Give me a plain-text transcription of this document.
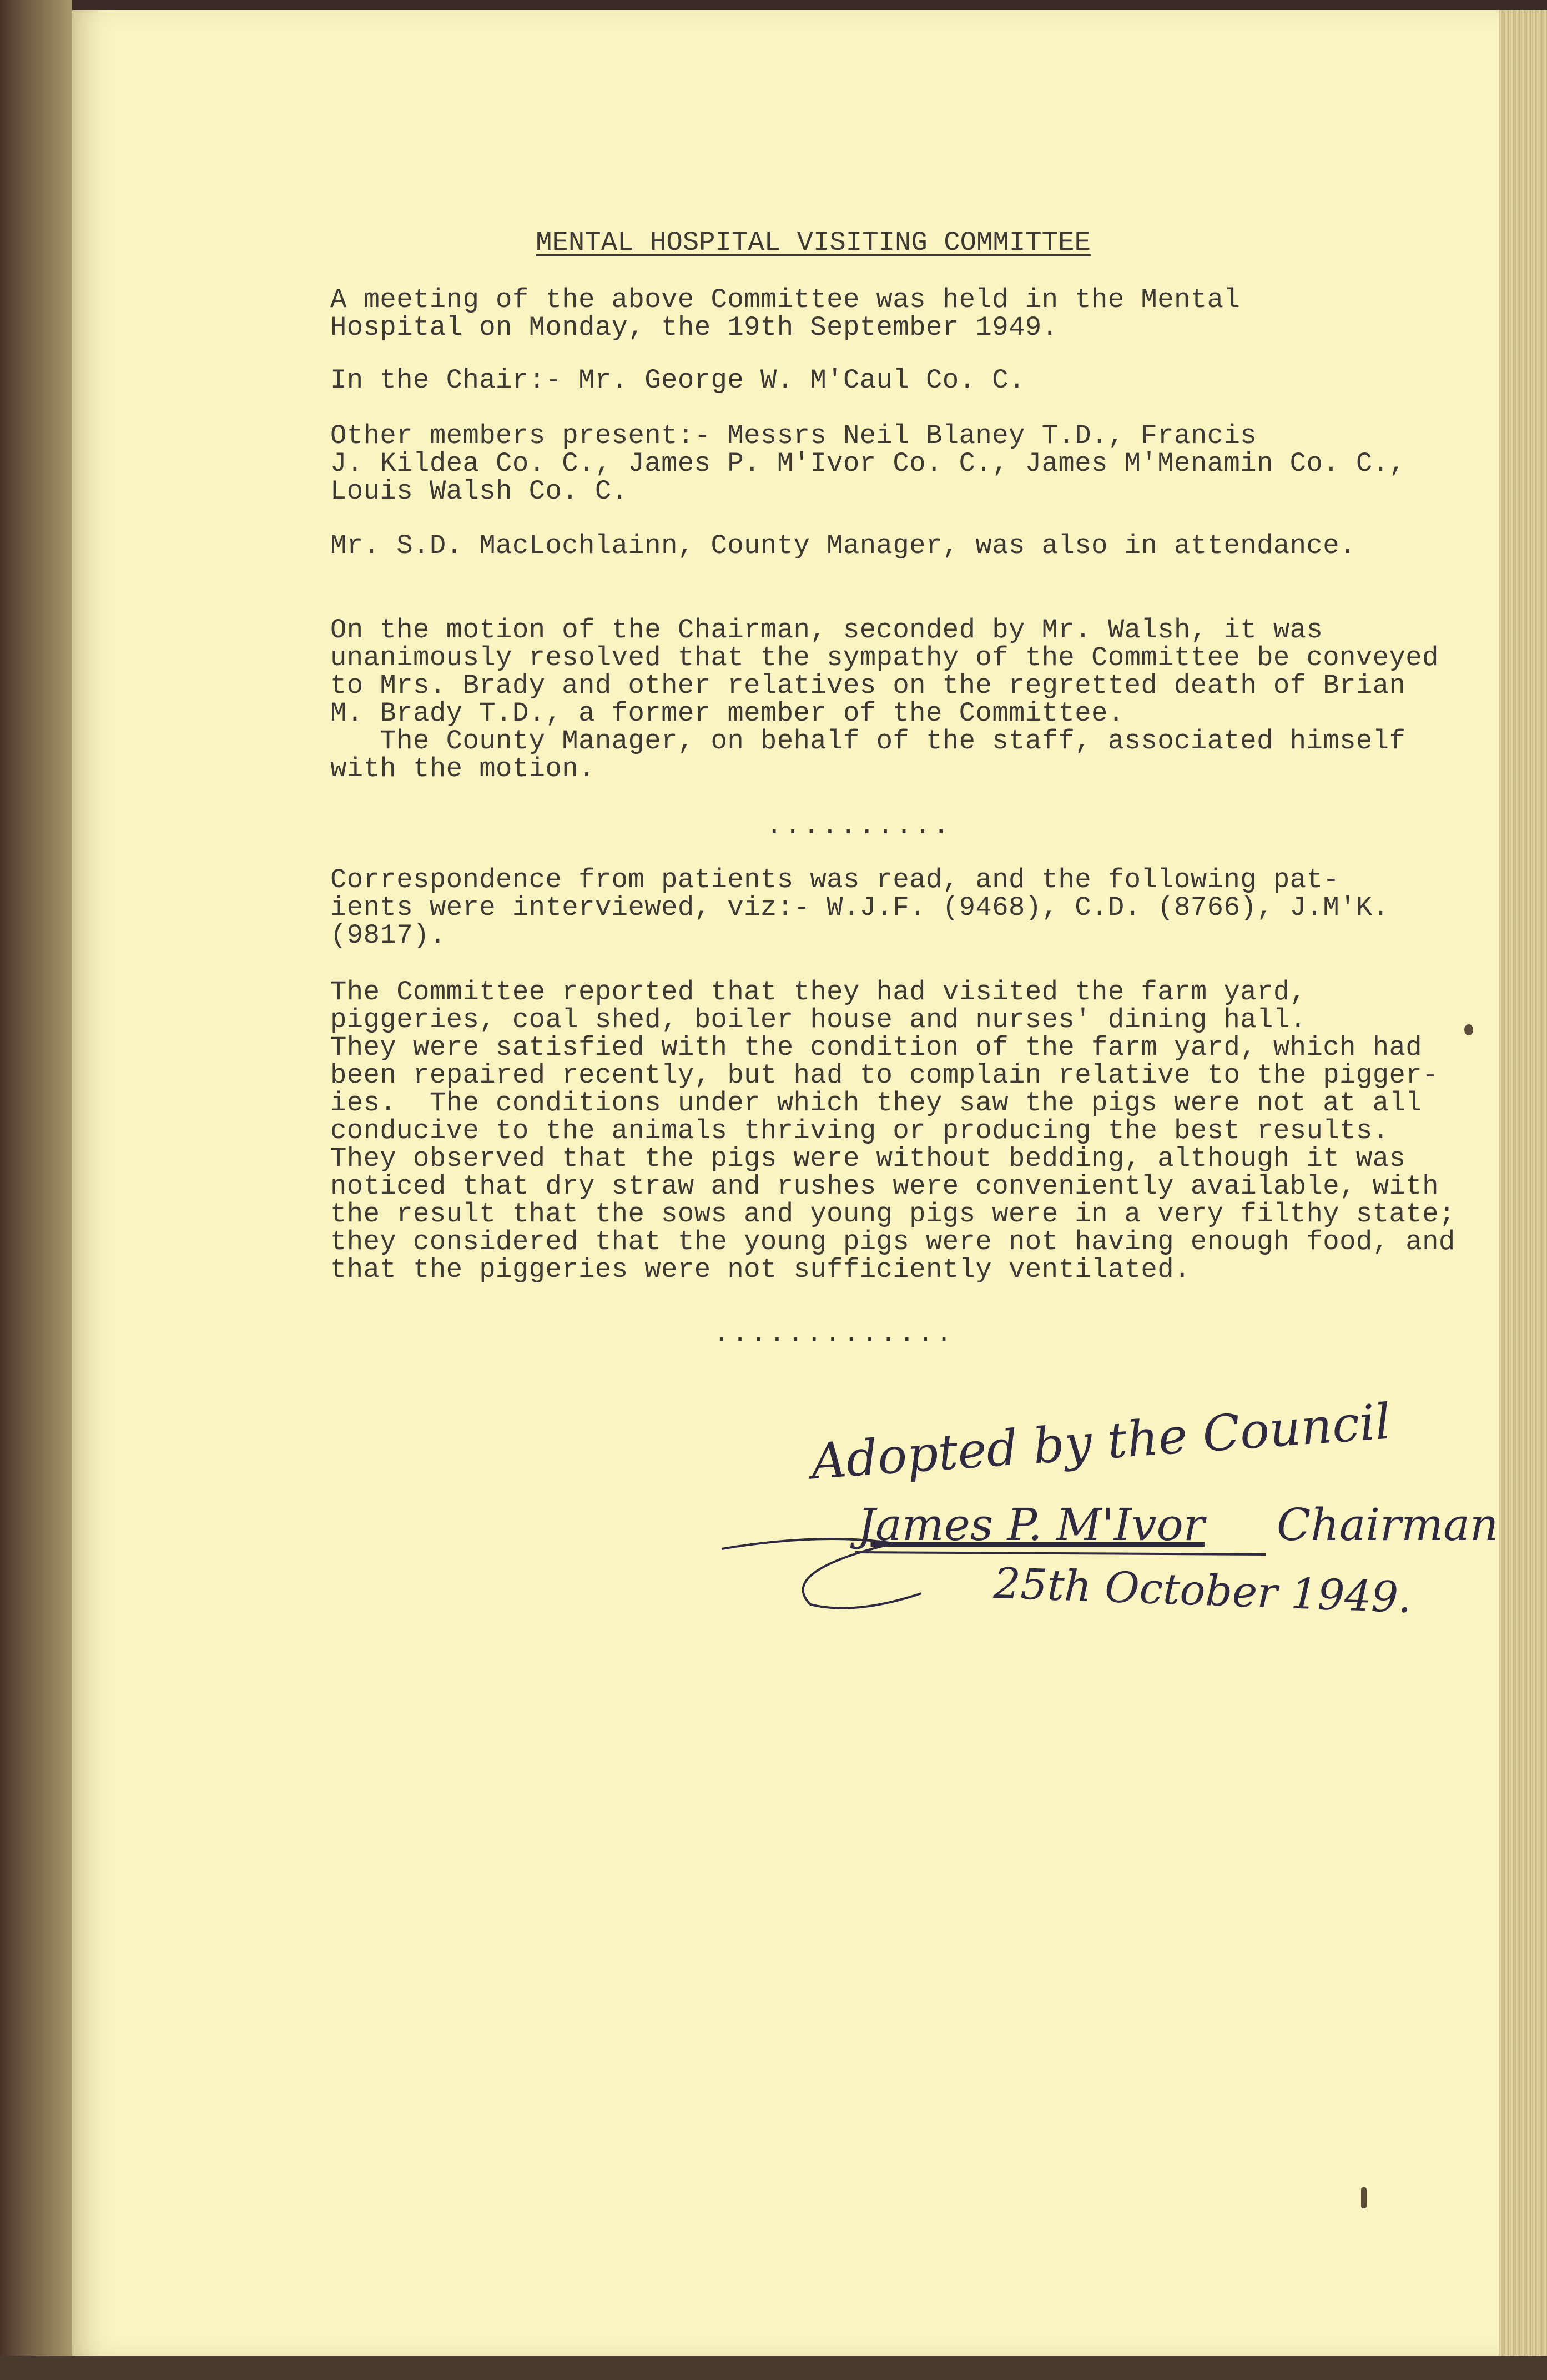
MENTAL HOSPITAL VISITING COMMITTEE
A meeting of the above Committee was held in the Mental
Hospital on Monday, the 19th September 1949.
In the Chair:- Mr. George W. M'Caul Co. C.
Other members present:- Messrs Neil Blaney T.D., Francis
J. Kildea Co. C., James P. M'Ivor Co. C., James M'Menamin Co. C.,
Louis Walsh Co. C.
Mr. S.D. MacLochlainn, County Manager, was also in attendance.
On the motion of the Chairman, seconded by Mr. Walsh, it was
unanimously resolved that the sympathy of the Committee be conveyed
to Mrs. Brady and other relatives on the regretted death of Brian
M. Brady T.D., a former member of the Committee.
The County Manager, on behalf of the staff, associated himself
with the motion.
..........
Correspondence from patients was read, and the following pat-
ients were interviewed, viz:- W.J.F. (9468), C.D. (8766), J.M'K.
(9817).
The Committee reported that they had visited the farm yard,
piggeries, coal shed, boiler house and nurses' dining hall.
They were satisfied with the condition of the farm yard, which had
been repaired recently, but had to complain relative to the pigger-
ies.  The conditions under which they saw the pigs were not at all
conducive to the animals thriving or producing the best results.
They observed that the pigs were without bedding, although it was
noticed that dry straw and rushes were conveniently available, with
the result that the sows and young pigs were in a very filthy state;
they considered that the young pigs were not having enough food, and
that the piggeries were not sufficiently ventilated.
.............
Adopted by the Council
James P. M'Ivor Chairman
25th October 1949.
